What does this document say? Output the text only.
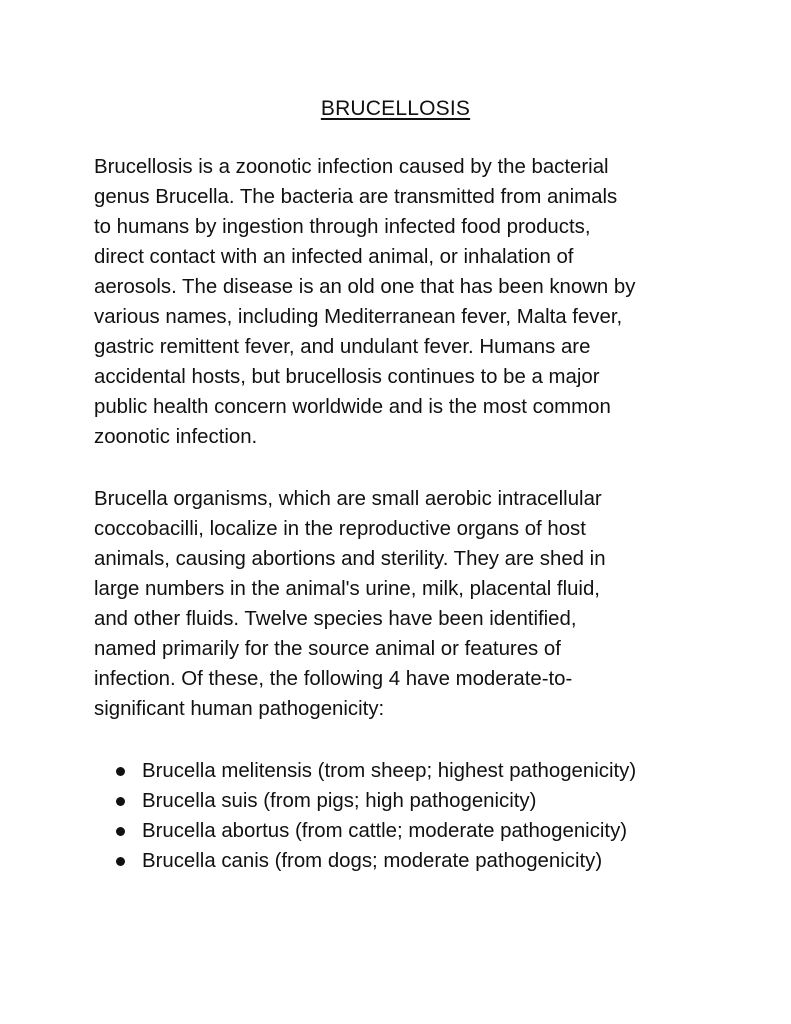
BRUCELLOSIS

Brucellosis is a zoonotic infection caused by the bacterial
genus Brucella. The bacteria are transmitted from animals
to humans by ingestion through infected food products,
direct contact with an infected animal, or inhalation of
aerosols. The disease is an old one that has been known by
various names, including Mediterranean fever, Malta fever,
gastric remittent fever, and undulant fever. Humans are
accidental hosts, but brucellosis continues to be a major
public health concern worldwide and is the most common
zoonotic infection.

Brucella organisms, which are small aerobic intracellular
coccobacilli, localize in the reproductive organs of host
animals, causing abortions and sterility. They are shed in
large numbers in the animal's urine, milk, placental fluid,
and other fluids. Twelve species have been identified,
named primarily for the source animal or features of
infection. Of these, the following 4 have moderate-to-
significant human pathogenicity:

Brucella melitensis (trom sheep; highest pathogenicity)
Brucella suis (from pigs; high pathogenicity)
Brucella abortus (from cattle; moderate pathogenicity)
Brucella canis (from dogs; moderate pathogenicity)
